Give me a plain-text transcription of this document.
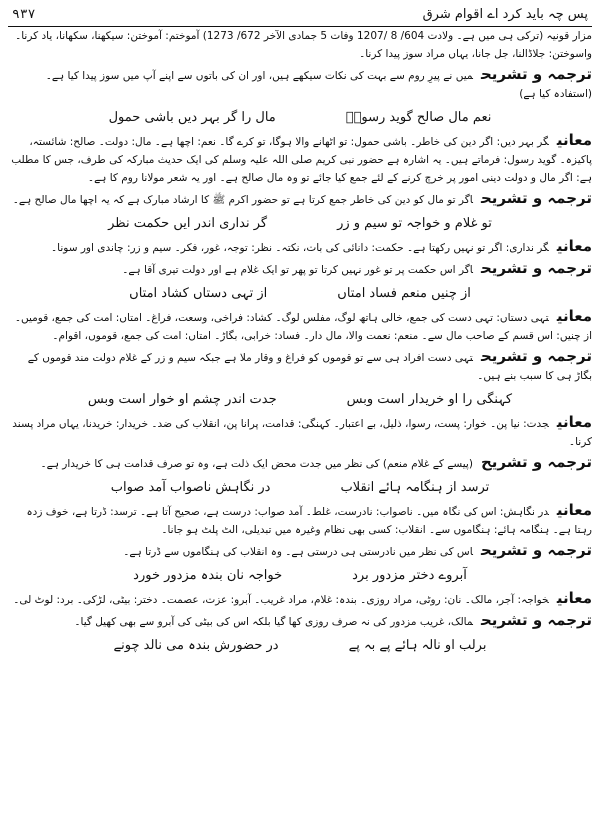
پس چہ باید کرد اے اقوام شرق
۹۳۷

مزار قونیہ (ترکی ہی میں ہے۔ ولادت 604/ 8 /1207 وفات 5 جمادی الآخر 672/ 1273) آموختم: آموختن: سیکھنا، سکھانا، یاد کرنا۔ واسوختن: جلاڈالنا، جل جانا، یہاں مراد سوز پیدا کرنا۔

ترجمہ و تشریحمیں نے پیرِ روم سے بہت کی نکات سیکھے ہیں، اور ان کی باتوں سے اپنے آپ میں سوز پیدا کیا ہے۔ (استفادہ کیا ہے)

مال را گر بہر دیں باشی حمول	نعم مال صالح گوید رسولؐ

معانیگر بہر دیں: اگر دین کی خاطر۔ باشی حمول: تو اٹھانے والا ہوگا، تو کرے گا۔ نعم: اچھا ہے۔ مال: دولت۔ صالح: شائستہ، پاکیزہ۔ گوید رسول: فرماتے ہیں۔ یہ اشارہ ہے حضور نبی کریم صلی اللہ علیہ وسلم کی ایک حدیث مبارکہ کی طرف، جس کا مطلب ہے: اگر مال و دولت دینی امور پر خرچ کرنے کے لئے جمع کیا جائے تو وہ مال صالح ہے۔ اور یہ شعر مولانا روم کا ہے۔

ترجمہ و تشریحاگر تو مال کو دین کی خاطر جمع کرتا ہے تو حضور اکرم ﷺ کا ارشاد مبارک ہے کہ یہ اچھا مال صالح ہے۔

گر نداری اندر ایں حکمت نظر	تو غلام و خواجہ تو سیم و زر

معانیگر نداری: اگر تو نہیں رکھتا ہے۔ حکمت: دانائی کی بات، نکتہ۔ نظر: توجہ، غور، فکر۔ سیم و زر: چاندی اور سونا۔

ترجمہ و تشریحاگر اس حکمت پر تو غور نہیں کرتا تو پھر تو ایک غلام ہے اور دولت تیری آقا ہے۔

از تہی دستاں کشاد امتاں	از چنیں منعم فساد امتاں

معانیتہی دستاں: تہی دست کی جمع، خالی ہاتھ لوگ، مفلس لوگ۔ کشاد: فراخی، وسعت، فراغ۔ امتاں: امت کی جمع، قومیں۔ از چنیں: اس قسم کے صاحب مال سے۔ منعم: نعمت والا، مال دار۔ فساد: خرابی، بگاڑ۔ امتاں: امت کی جمع، قوموں، اقوام۔

ترجمہ و تشریحتہی دست افراد ہی سے تو قوموں کو فراغ و وقار ملا ہے جبکہ سیم و زر کے غلام دولت مند قوموں کے بگاڑ ہی کا سبب بنے ہیں۔

جدت اندر چشم او خوار است وبس	کہنگی را او خریدار است وبس

معانیجدت: نیا پن۔ خوار: پست، رسوا، ذلیل، بے اعتبار۔ کہنگی: قدامت، پرانا پن، انقلاب کی ضد۔ خریدار: خریدنا، یہاں مراد پسند کرنا۔

ترجمہ و تشریح(پیسے کے غلام منعم) کی نظر میں جدت محض ایک ذلت ہے، وہ تو صرف قدامت ہی کا خریدار ہے۔

در نگاہش ناصواب آمد صواب	ترسد از ہنگامہ ہائے انقلاب

معانیدر نگاہش: اس کی نگاہ میں۔ ناصواب: نادرست، غلط۔ آمد صواب: درست ہے، صحیح آتا ہے۔ ترسد: ڈرتا ہے، خوف زدہ رہتا ہے۔ ہنگامہ ہائے: ہنگاموں سے۔ انقلاب: کسی بھی نظام وغیرہ میں تبدیلی، الٹ پلٹ ہو جانا۔

ترجمہ و تشریحاس کی نظر میں نادرستی ہی درستی ہے۔ وہ انقلاب کی ہنگاموں سے ڈرتا ہے۔

خواجہ نان بندہ مزدور خورد	آبروے دختر مزدور برد

معانیخواجہ: آجر، مالک۔ نان: روٹی، مراد روزی۔ بندہ: غلام، مراد غریب۔ آبرو: عزت، عصمت۔ دختر: بیٹی، لڑکی۔ برد: لوٹ لی۔

ترجمہ و تشریحمالک، غریب مزدور کی نہ صرف روزی کھا گیا بلکہ اس کی بیٹی کی آبرو سے بھی کھیل گیا۔

در حضورش بندہ می نالد چونے	برلب او نالہ ہائے پے بہ پے
